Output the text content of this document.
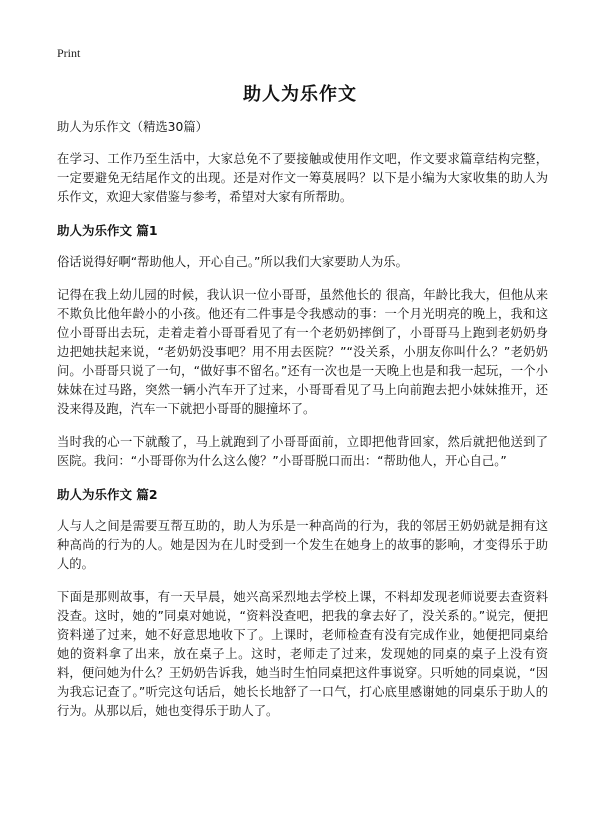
Print
助人为乐作文

助人为乐作文（精选30篇）

在学习、工作乃至生活中，大家总免不了要接触或使用作文吧，作文要求篇章结构完整，一定要避免无结尾作文的出现。还是对作文一筹莫展吗？以下是小编为大家收集的助人为乐作文，欢迎大家借鉴与参考，希望对大家有所帮助。

助人为乐作文 篇1

俗话说得好啊“帮助他人，开心自己。”所以我们大家要助人为乐。

记得在我上幼儿园的时候，我认识一位小哥哥，虽然他长的 很高，年龄比我大，但他从来不欺负比他年龄小的小孩。他还有二件事是令我感动的事：一个月光明亮的晚上，我和这位小哥哥出去玩，走着走着小哥哥看见了有一个老奶奶摔倒了，小哥哥马上跑到老奶奶身边把她扶起来说，“老奶奶没事吧？用不用去医院？”“没关系，小朋友你叫什么？”老奶奶问。小哥哥只说了一句，“做好事不留名。”还有一次也是一天晚上也是和我一起玩，一个小妹妹在过马路，突然一辆小汽车开了过来，小哥哥看见了马上向前跑去把小妹妹推开，还没来得及跑，汽车一下就把小哥哥的腿撞坏了。

当时我的心一下就酸了，马上就跑到了小哥哥面前，立即把他背回家，然后就把他送到了医院。我问：“小哥哥你为什么这么傻？”小哥哥脱口而出：“帮助他人，开心自己。”

助人为乐作文 篇2

人与人之间是需要互帮互助的，助人为乐是一种高尚的行为，我的邻居王奶奶就是拥有这种高尚的行为的人。她是因为在儿时受到一个发生在她身上的故事的影响，才变得乐于助人的。

下面是那则故事，有一天早晨，她兴高采烈地去学校上课，不料却发现老师说要去查资料没查。这时，她的”同桌对她说，“资料没查吧，把我的拿去好了，没关系的。”说完，便把资料递了过来，她不好意思地收下了。上课时，老师检查有没有完成作业，她便把同桌给她的资料拿了出来，放在桌子上。这时，老师走了过来，发现她的同桌的桌子上没有资料，便问她为什么？王奶奶告诉我，她当时生怕同桌把这件事说穿。只听她的同桌说，“因为我忘记查了。”听完这句话后，她长长地舒了一口气，打心底里感谢她的同桌乐于助人的行为。从那以后，她也变得乐于助人了。
